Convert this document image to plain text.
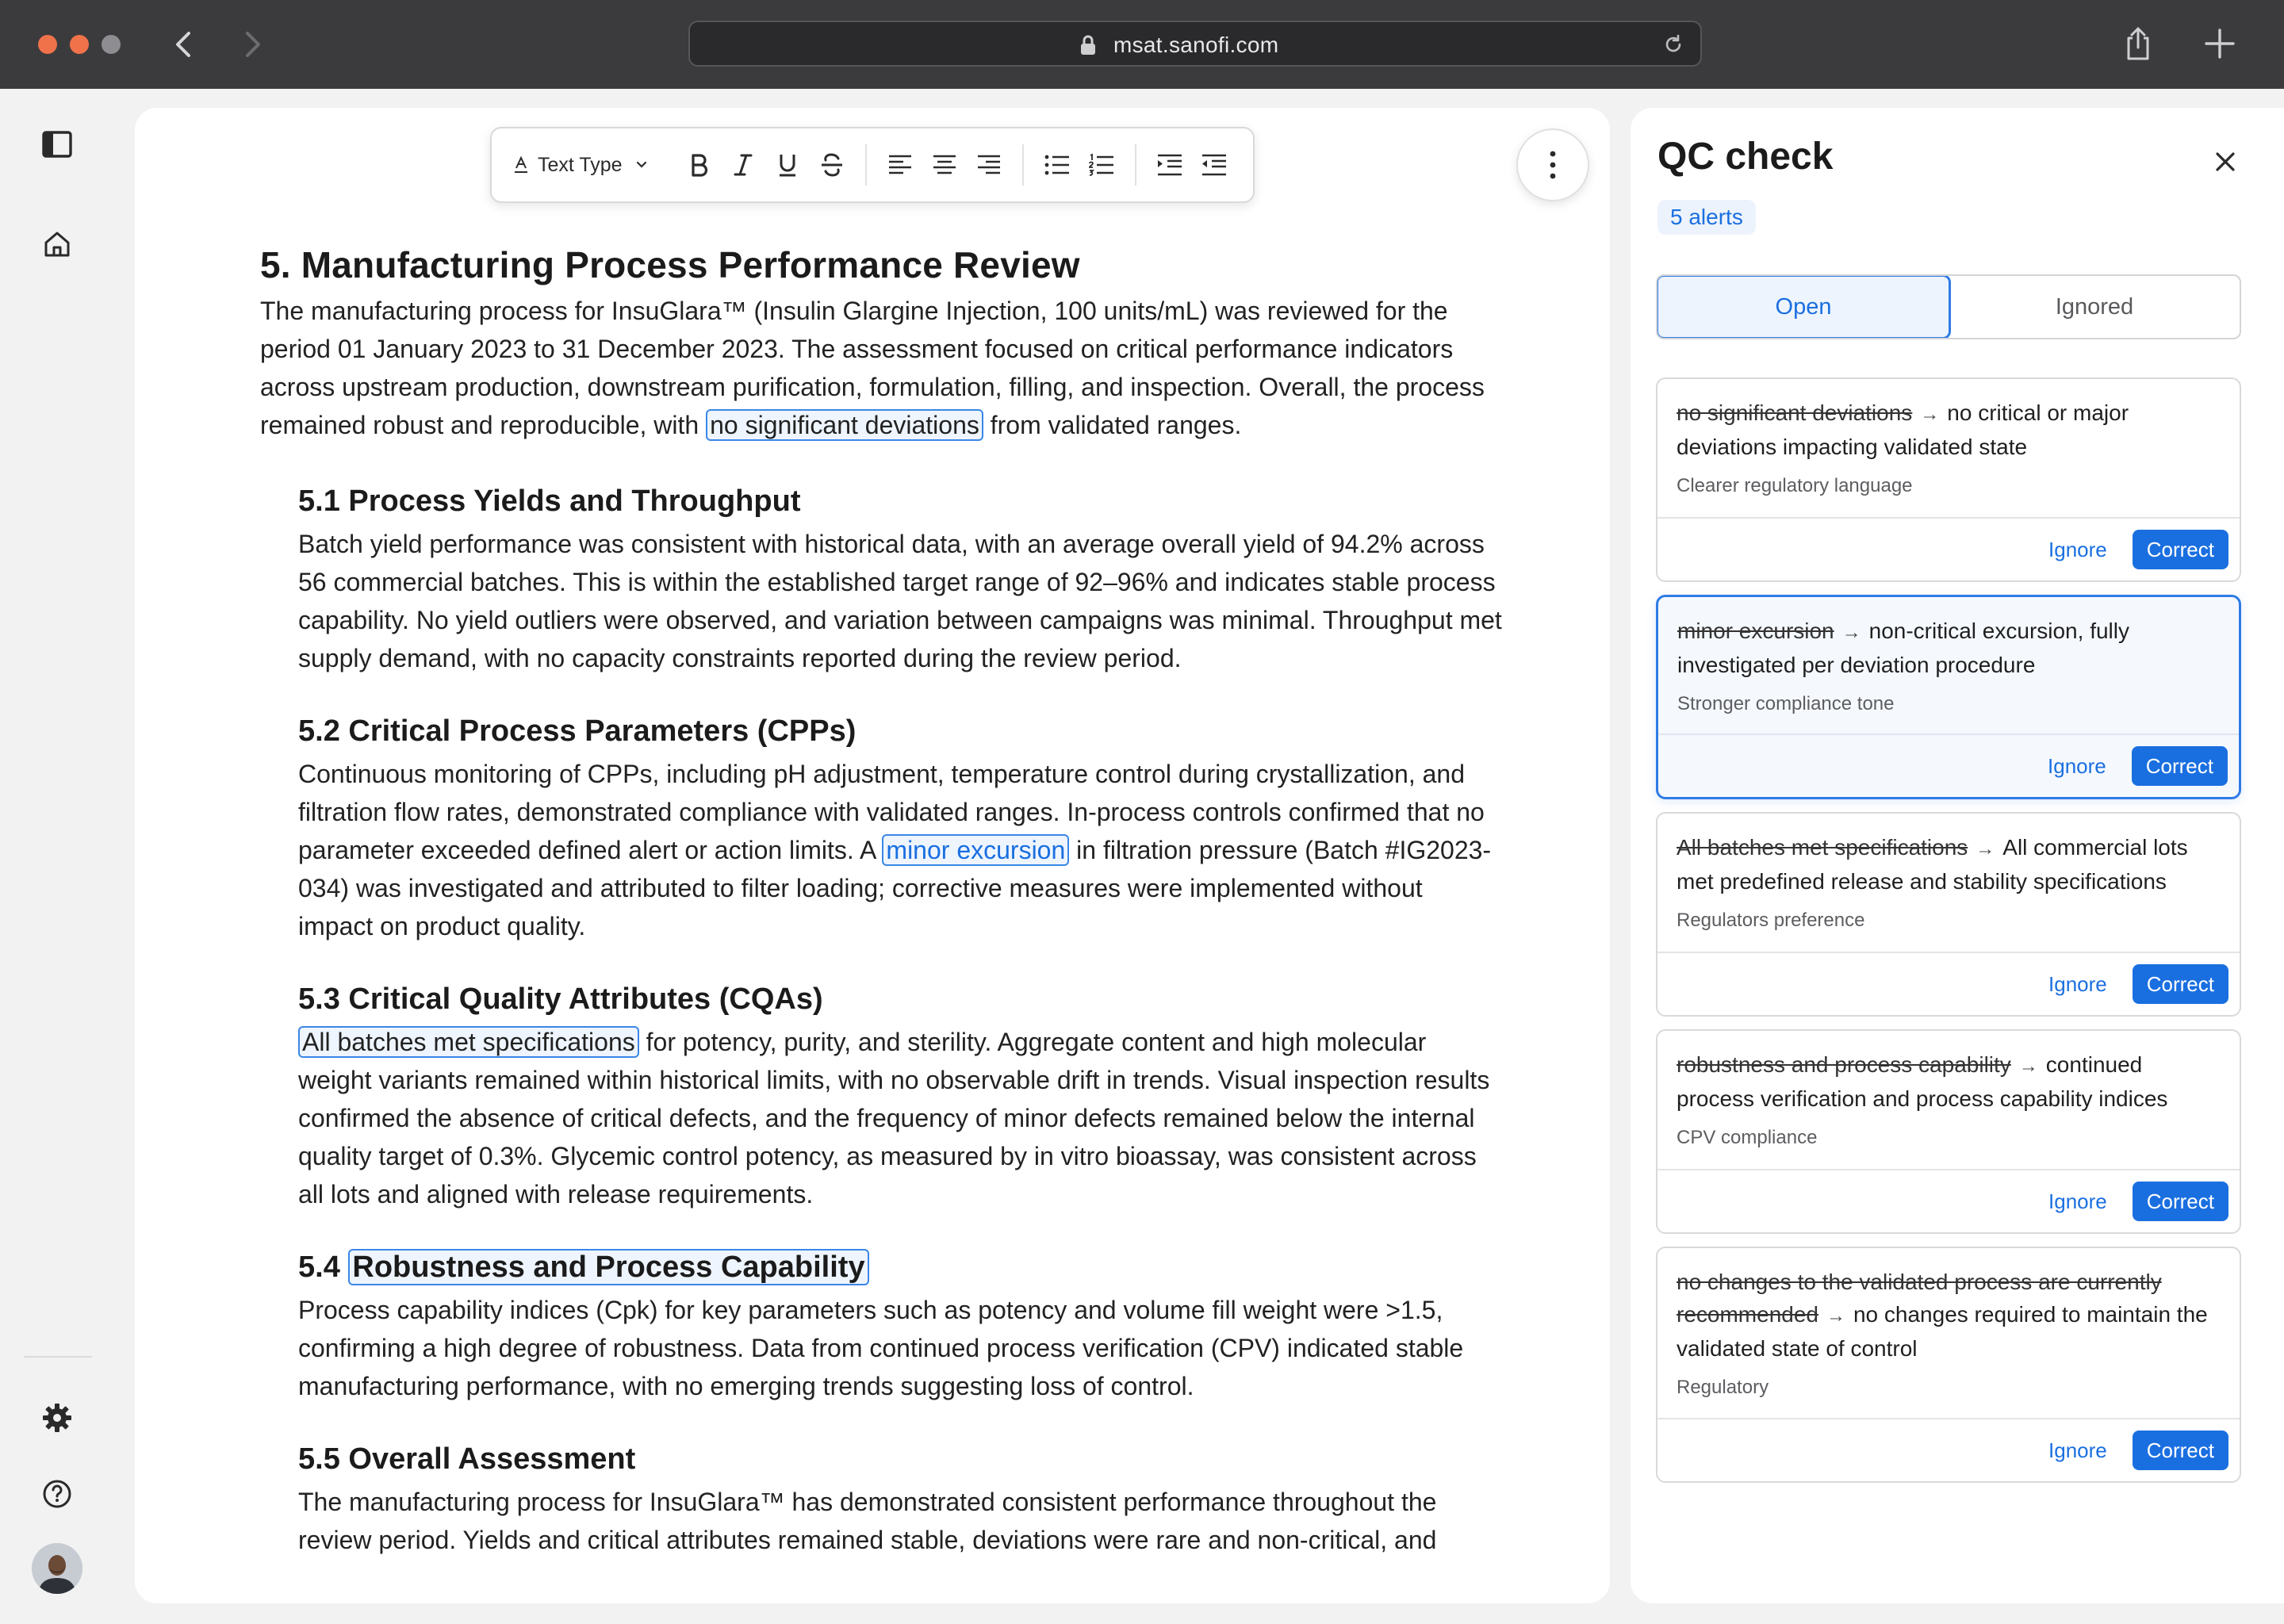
msat.sanofi.com
Text Type
5. Manufacturing Process Performance Review

The manufacturing process for InsuGlara™ (Insulin Glargine Injection, 100 units/mL) was reviewed for the period 01 January 2023 to 31 December 2023. The assessment focused on critical performance indicators across upstream production, downstream purification, formulation, filling, and inspection. Overall, the process remained robust and reproducible, with no significant deviations from validated ranges.

5.1 Process Yields and Throughput

Batch yield performance was consistent with historical data, with an average overall yield of 94.2% across 56 commercial batches. This is within the established target range of 92–96% and indicates stable process capability. No yield outliers were observed, and variation between campaigns was minimal. Throughput met supply demand, with no capacity constraints reported during the review period.

5.2 Critical Process Parameters (CPPs)

Continuous monitoring of CPPs, including pH adjustment, temperature control during crystallization, and filtration flow rates, demonstrated compliance with validated ranges. In-process controls confirmed that no parameter exceeded defined alert or action limits. A minor excursion in filtration pressure (Batch #IG2023-034) was investigated and attributed to filter loading; corrective measures were implemented without impact on product quality.

5.3 Critical Quality Attributes (CQAs)

All batches met specifications for potency, purity, and sterility. Aggregate content and high molecular weight variants remained within historical limits, with no observable drift in trends. Visual inspection results confirmed the absence of critical defects, and the frequency of minor defects remained below the internal quality target of 0.3%. Glycemic control potency, as measured by in vitro bioassay, was consistent across all lots and aligned with release requirements.

5.4 Robustness and Process Capability

Process capability indices (Cpk) for key parameters such as potency and volume fill weight were >1.5, confirming a high degree of robustness. Data from continued process verification (CPV) indicated stable manufacturing performance, with no emerging trends suggesting loss of control.

5.5 Overall Assessment

The manufacturing process for InsuGlara™ has demonstrated consistent performance throughout the review period. Yields and critical attributes remained stable, deviations were rare and non-critical, and

QC check
5 alerts
Open	Ignored
no significant deviations → no critical or major deviations impacting validated state
Clearer regulatory language
Ignore	Correct
minor excursion → non-critical excursion, fully investigated per deviation procedure
Stronger compliance tone
Ignore	Correct
All batches met specifications → All commercial lots met predefined release and stability specifications
Regulators preference
Ignore	Correct
robustness and process capability → continued process verification and process capability indices
CPV compliance
Ignore	Correct
no changes to the validated process are currently recommended → no changes required to maintain the validated state of control
Regulatory
Ignore	Correct
